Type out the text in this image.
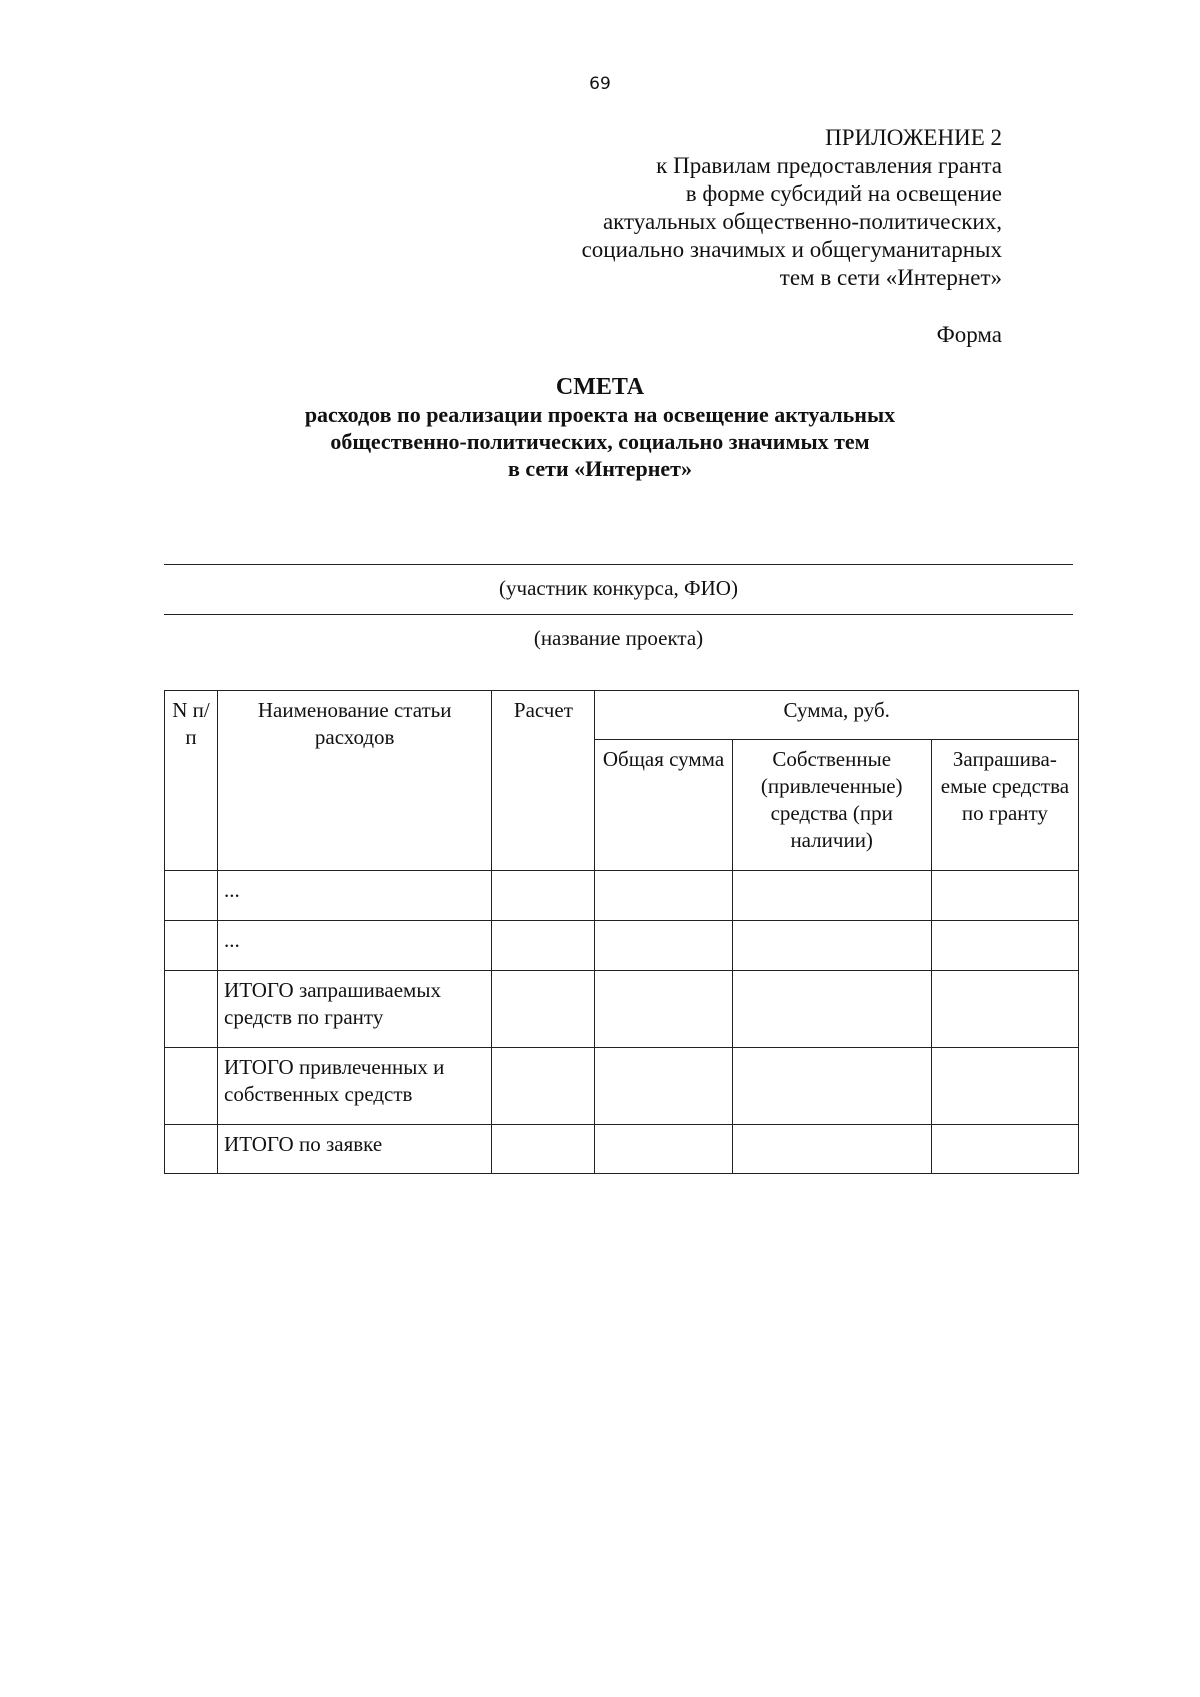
69
ПРИЛОЖЕНИЕ 2
к Правилам предоставления гранта
в форме субсидий на освещение
актуальных общественно-политических,
социально значимых и общегуманитарных
тем в сети «Интернет»
Форма
СМЕТА
расходов по реализации проекта на освещение актуальных
общественно-политических, социально значимых тем
в сети «Интернет»
(участник конкурса, ФИО)
(название проекта)
N п/п	Наименование статьи расходов	Расчет	Сумма, руб.		
			Общая сумма	Собственные (привлеченные) средства (при наличии)	Запрашива-емые средства по гранту
	...				
	...				
	ИТОГО запрашиваемых средств по гранту				
	ИТОГО привлеченных и собственных средств				
	ИТОГО по заявке				
